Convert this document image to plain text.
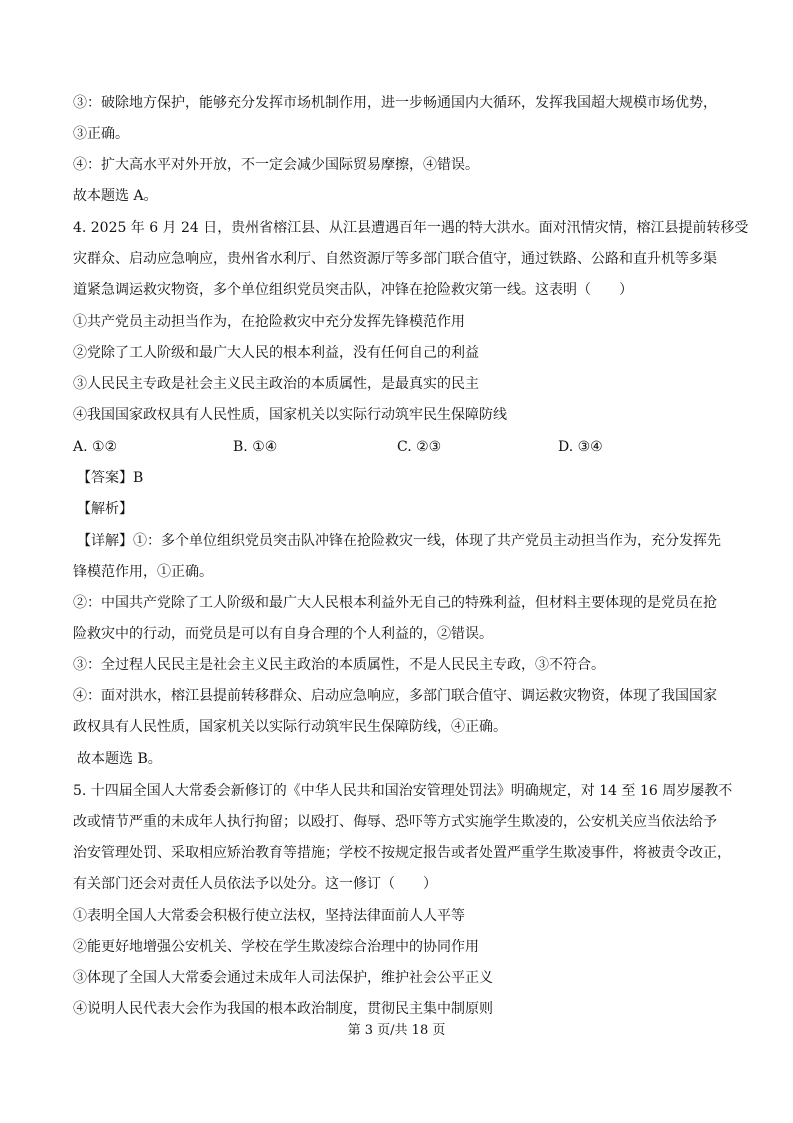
③：破除地方保护，能够充分发挥市场机制作用，进一步畅通国内大循环，发挥我国超大规模市场优势，
③正确。
④：扩大高水平对外开放，不一定会减少国际贸易摩擦，④错误。
故本题选 A。
4. 2025 年 6 月 24 日，贵州省榕江县、从江县遭遇百年一遇的特大洪水。面对汛情灾情，榕江县提前转移受
灾群众、启动应急响应，贵州省水利厅、自然资源厅等多部门联合值守，通过铁路、公路和直升机等多渠
道紧急调运救灾物资，多个单位组织党员突击队，冲锋在抢险救灾第一线。这表明（　　）
①共产党员主动担当作为，在抢险救灾中充分发挥先锋模范作用
②党除了工人阶级和最广大人民的根本利益，没有任何自己的利益
③人民民主专政是社会主义民主政治的本质属性，是最真实的民主
④我国国家政权具有人民性质，国家机关以实际行动筑牢民生保障防线
A. ①②	B. ①④	C. ②③	D. ③④
【答案】B
【解析】
【详解】①：多个单位组织党员突击队冲锋在抢险救灾一线，体现了共产党员主动担当作为，充分发挥先
锋模范作用，①正确。
②：中国共产党除了工人阶级和最广大人民根本利益外无自己的特殊利益，但材料主要体现的是党员在抢
险救灾中的行动，而党员是可以有自身合理的个人利益的，②错误。
③：全过程人民民主是社会主义民主政治的本质属性，不是人民民主专政，③不符合。
④：面对洪水，榕江县提前转移群众、启动应急响应，多部门联合值守、调运救灾物资，体现了我国国家
政权具有人民性质，国家机关以实际行动筑牢民生保障防线，④正确。
故本题选 B。
5. 十四届全国人大常委会新修订的《中华人民共和国治安管理处罚法》明确规定，对 14 至 16 周岁屡教不
改或情节严重的未成年人执行拘留；以殴打、侮辱、恐吓等方式实施学生欺凌的，公安机关应当依法给予
治安管理处罚、采取相应矫治教育等措施；学校不按规定报告或者处置严重学生欺凌事件，将被责令改正，
有关部门还会对责任人员依法予以处分。这一修订（　　）
①表明全国人大常委会积极行使立法权，坚持法律面前人人平等
②能更好地增强公安机关、学校在学生欺凌综合治理中的协同作用
③体现了全国人大常委会通过未成年人司法保护，维护社会公平正义
④说明人民代表大会作为我国的根本政治制度，贯彻民主集中制原则
第 3 页/共 18 页
